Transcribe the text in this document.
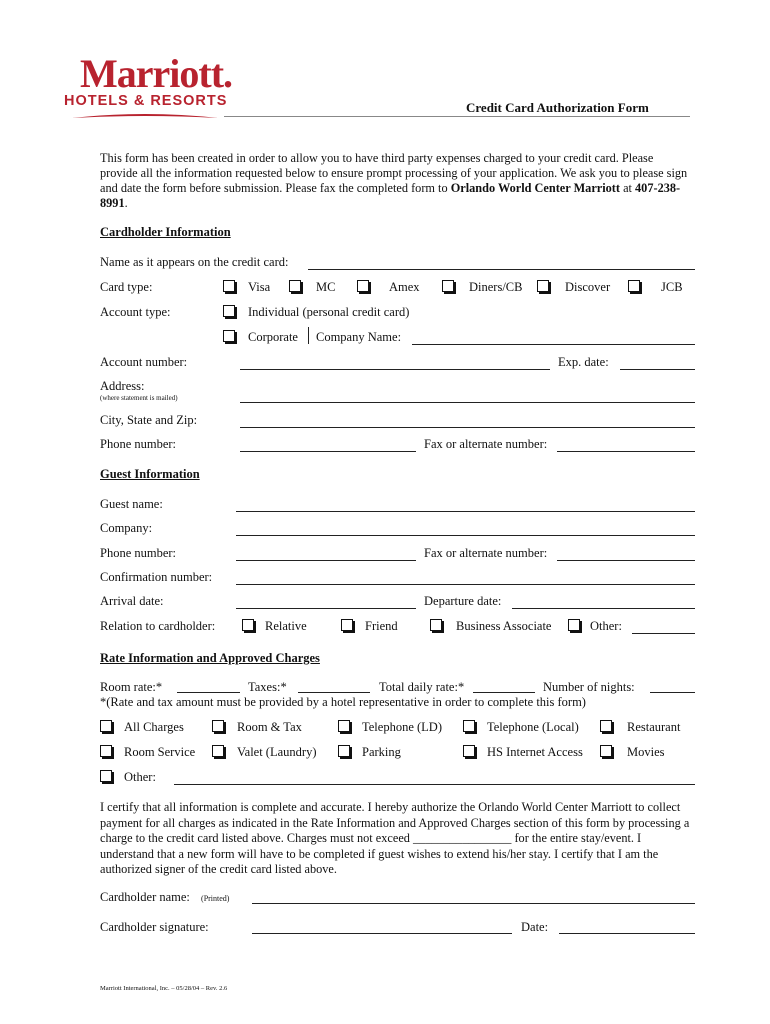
Marriott.
HOTELS & RESORTS	Credit Card Authorization Form
This form has been created in order to allow you to have third party expenses charged to your credit card. Please provide all the information requested below to ensure prompt processing of your application. We ask you to please sign and date the form before submission. Please fax the completed form to Orlando World Center Marriott at 407-238-8991.
Cardholder Information
Name as it appears on the credit card:
Card type:	Visa	MC	Amex	Diners/CB	Discover	JCB
Account type:	Individual (personal credit card)
Corporate Company Name:
Account number:	Exp. date:
Address:
(where statement is mailed)
City, State and Zip:
Phone number:	Fax or alternate number:
Guest Information
Guest name:
Company:
Phone number:	Fax or alternate number:
Confirmation number:
Arrival date:	Departure date:
Relation to cardholder:	Relative	Friend	Business Associate	Other:
Rate Information and Approved Charges
Room rate:*	Taxes:*	Total daily rate:*	Number of nights:
*(Rate and tax amount must be provided by a hotel representative in order to complete this form)
All Charges	Room & Tax	Telephone (LD)	Telephone (Local)	Restaurant
Room Service	Valet (Laundry)	Parking	HS Internet Access	Movies
Other:
I certify that all information is complete and accurate. I hereby authorize the Orlando World Center Marriott to collect payment for all charges as indicated in the Rate Information and Approved Charges section of this form by processing a charge to the credit card listed above. Charges must not exceed ________________ for the entire stay/event. I understand that a new form will have to be completed if guest wishes to extend his/her stay. I certify that I am the authorized signer of the credit card listed above.
Cardholder name: (Printed)
Cardholder signature:	Date:
Marriott International, Inc. – 05/28/04 – Rev. 2.6
